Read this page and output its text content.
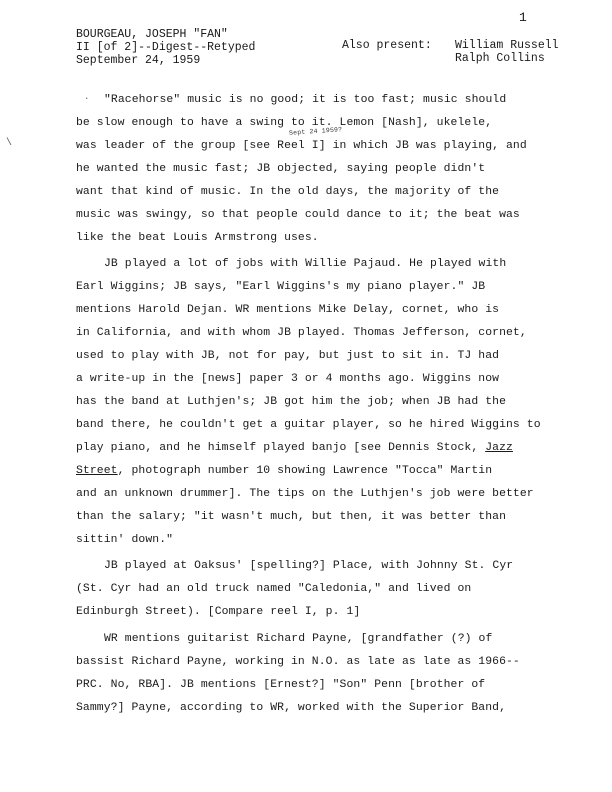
1
BOURGEAU, JOSEPH "FAN"
II [of 2]--Digest--Retyped
September 24, 1959
Also present: William Russell
Ralph Collins
Sept 24 1959?
·
\
"Racehorse" music is no good; it is too fast; music should
be slow enough to have a swing to it. Lemon [Nash], ukelele,
was leader of the group [see Reel I] in which JB was playing, and
he wanted the music fast; JB objected, saying people didn't
want that kind of music. In the old days, the majority of the
music was swingy, so that people could dance to it; the beat was
like the beat Louis Armstrong uses.
JB played a lot of jobs with Willie Pajaud. He played with
Earl Wiggins; JB says, "Earl Wiggins's my piano player." JB
mentions Harold Dejan. WR mentions Mike Delay, cornet, who is
in California, and with whom JB played. Thomas Jefferson, cornet,
used to play with JB, not for pay, but just to sit in. TJ had
a write-up in the [news] paper 3 or 4 months ago. Wiggins now
has the band at Luthjen's; JB got him the job; when JB had the
band there, he couldn't get a guitar player, so he hired Wiggins to
play piano, and he himself played banjo [see Dennis Stock, Jazz
Street, photograph number 10 showing Lawrence "Tocca" Martin
and an unknown drummer]. The tips on the Luthjen's job were better
than the salary; "it wasn't much, but then, it was better than
sittin' down."
JB played at Oaksus' [spelling?] Place, with Johnny St. Cyr
(St. Cyr had an old truck named "Caledonia," and lived on
Edinburgh Street). [Compare reel I, p. 1]
WR mentions guitarist Richard Payne, [grandfather (?) of
bassist Richard Payne, working in N.O. as late as late as 1966--
PRC. No, RBA]. JB mentions [Ernest?] "Son" Penn [brother of
Sammy?] Payne, according to WR, worked with the Superior Band,
